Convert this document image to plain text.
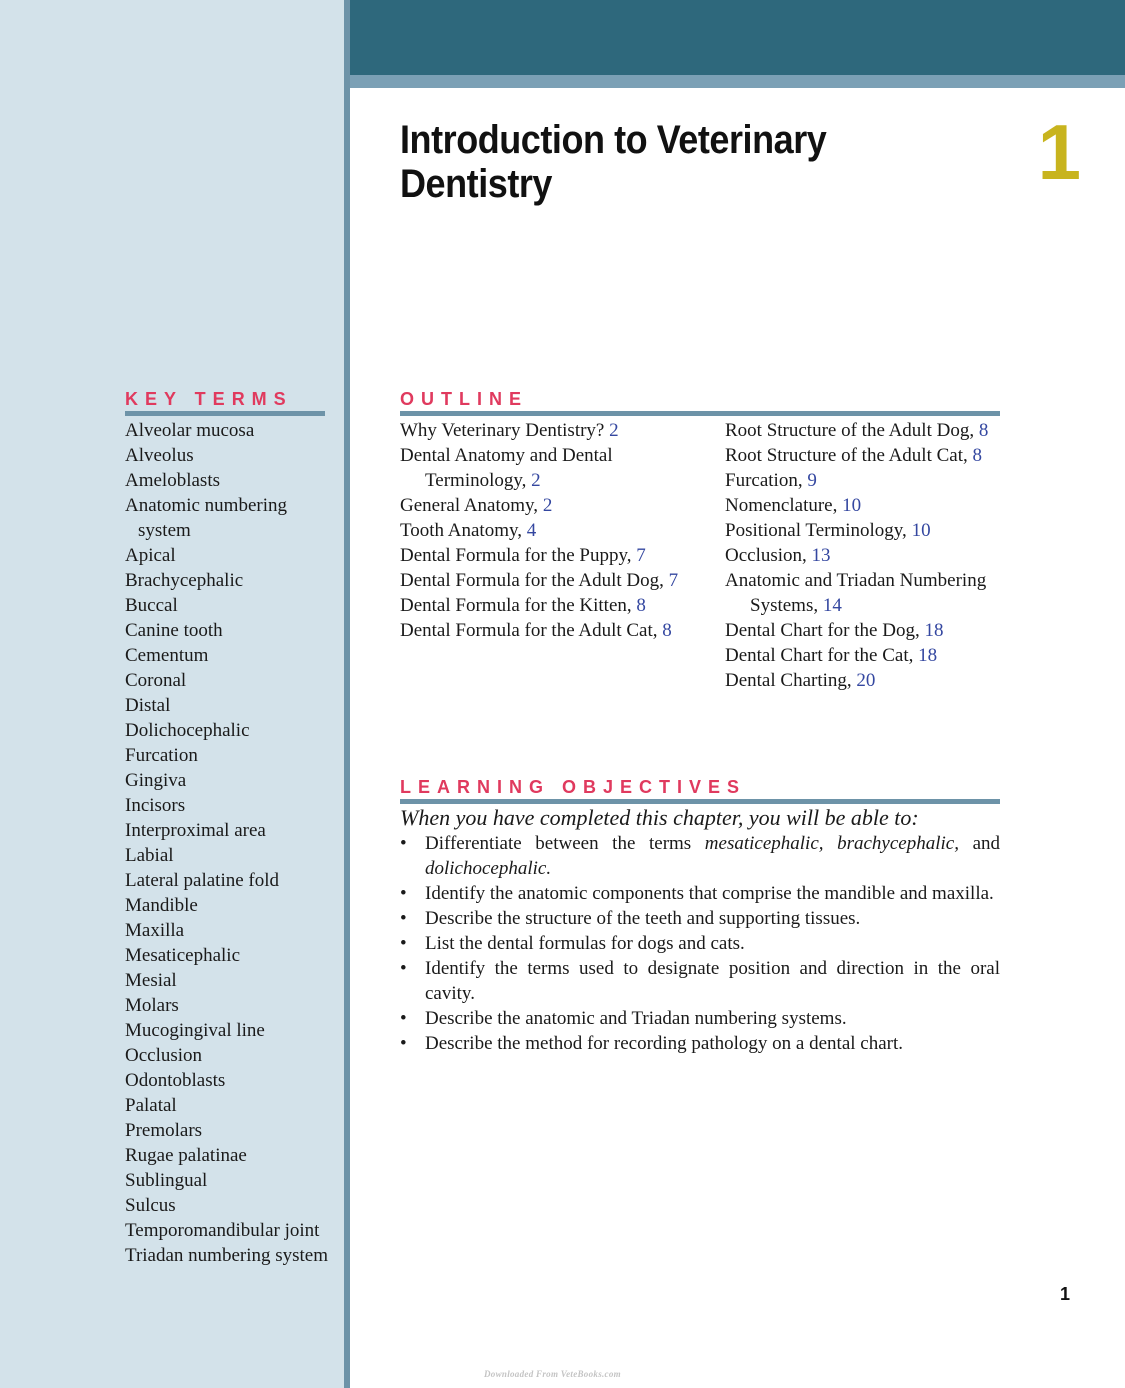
Introduction to Veterinary Dentistry	1
KEY TERMS
Alveolar mucosa
Alveolus
Ameloblasts
Anatomic numbering system
Apical
Brachycephalic
Buccal
Canine tooth
Cementum
Coronal
Distal
Dolichocephalic
Furcation
Gingiva
Incisors
Interproximal area
Labial
Lateral palatine fold
Mandible
Maxilla
Mesaticephalic
Mesial
Molars
Mucogingival line
Occlusion
Odontoblasts
Palatal
Premolars
Rugae palatinae
Sublingual
Sulcus
Temporomandibular joint
Triadan numbering system
OUTLINE
Why Veterinary Dentistry? 2
Dental Anatomy and Dental Terminology, 2
General Anatomy, 2
Tooth Anatomy, 4
Dental Formula for the Puppy, 7
Dental Formula for the Adult Dog, 7
Dental Formula for the Kitten, 8
Dental Formula for the Adult Cat, 8
Root Structure of the Adult Dog, 8
Root Structure of the Adult Cat, 8
Furcation, 9
Nomenclature, 10
Positional Terminology, 10
Occlusion, 13
Anatomic and Triadan Numbering Systems, 14
Dental Chart for the Dog, 18
Dental Chart for the Cat, 18
Dental Charting, 20
LEARNING OBJECTIVES

When you have completed this chapter, you will be able to:

• Differentiate between the terms mesaticephalic, brachycephalic, and dolichocephalic.
• Identify the anatomic components that comprise the mandible and maxilla.
• Describe the structure of the teeth and supporting tissues.
• List the dental formulas for dogs and cats.
• Identify the terms used to designate position and direction in the oral cavity.
• Describe the anatomic and Triadan numbering systems.
• Describe the method for recording pathology on a dental chart.
1
Downloaded From VeteBooks.com
